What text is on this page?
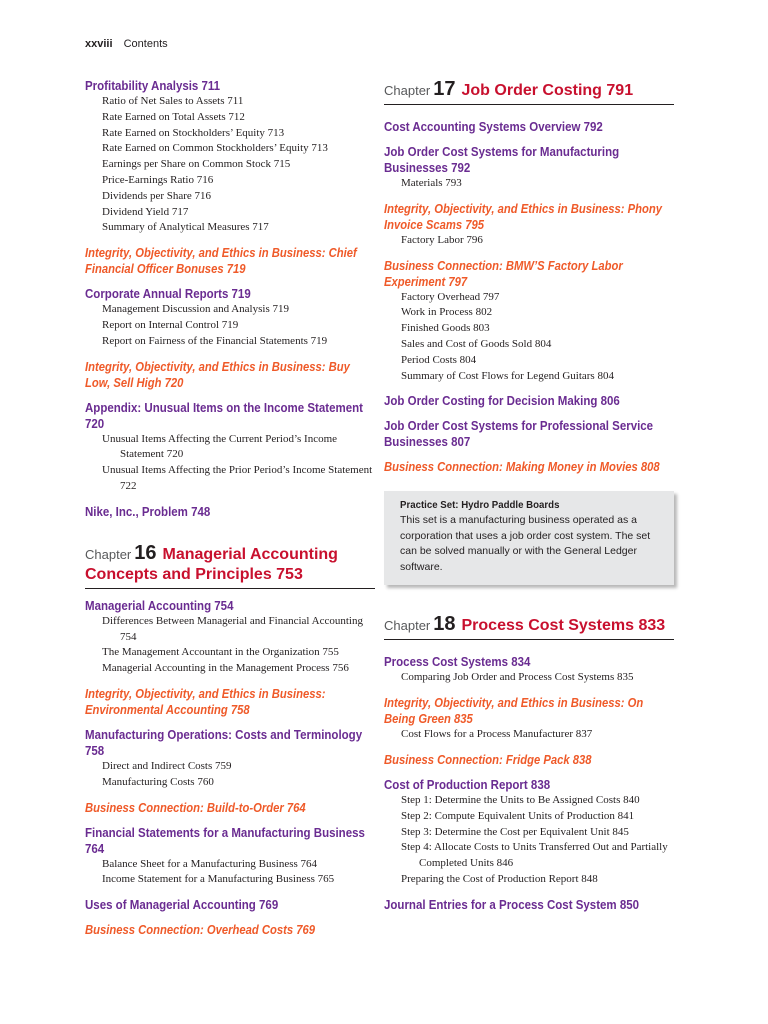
xxviii Contents
Profitability Analysis 711
Ratio of Net Sales to Assets 711
Rate Earned on Total Assets 712
Rate Earned on Stockholders’ Equity 713
Rate Earned on Common Stockholders’ Equity 713
Earnings per Share on Common Stock 715
Price-Earnings Ratio 716
Dividends per Share 716
Dividend Yield 717
Summary of Analytical Measures 717
Integrity, Objectivity, and Ethics in Business: Chief Financial Officer Bonuses 719
Corporate Annual Reports 719
Management Discussion and Analysis 719
Report on Internal Control 719
Report on Fairness of the Financial Statements 719
Integrity, Objectivity, and Ethics in Business: Buy Low, Sell High 720
Appendix: Unusual Items on the Income Statement 720
Unusual Items Affecting the Current Period’s Income Statement 720
Unusual Items Affecting the Prior Period’s Income Statement 722
Nike, Inc., Problem 748
Chapter 16 Managerial Accounting
Concepts and Principles 753
Managerial Accounting 754
Differences Between Managerial and Financial Accounting 754
The Management Accountant in the Organization 755
Managerial Accounting in the Management Process 756
Integrity, Objectivity, and Ethics in Business: Environmental Accounting 758
Manufacturing Operations: Costs and Terminology 758
Direct and Indirect Costs 759
Manufacturing Costs 760
Business Connection: Build-to-Order 764
Financial Statements for a Manufacturing Business 764
Balance Sheet for a Manufacturing Business 764
Income Statement for a Manufacturing Business 765
Uses of Managerial Accounting 769
Business Connection: Overhead Costs 769
Chapter 17 Job Order Costing 791
Cost Accounting Systems Overview 792
Job Order Cost Systems for Manufacturing Businesses 792
Materials 793
Integrity, Objectivity, and Ethics in Business: Phony Invoice Scams 795
Factory Labor 796
Business Connection: BMW’S Factory Labor Experiment 797
Factory Overhead 797
Work in Process 802
Finished Goods 803
Sales and Cost of Goods Sold 804
Period Costs 804
Summary of Cost Flows for Legend Guitars 804
Job Order Costing for Decision Making 806
Job Order Cost Systems for Professional Service Businesses 807
Business Connection: Making Money in Movies 808
Practice Set: Hydro Paddle Boards
This set is a manufacturing business operated as a corporation that uses a job order cost system. The set can be solved manually or with the General Ledger software.
Chapter 18 Process Cost Systems 833
Process Cost Systems 834
Comparing Job Order and Process Cost Systems 835
Integrity, Objectivity, and Ethics in Business: On Being Green 835
Cost Flows for a Process Manufacturer 837
Business Connection: Fridge Pack 838
Cost of Production Report 838
Step 1: Determine the Units to Be Assigned Costs 840
Step 2: Compute Equivalent Units of Production 841
Step 3: Determine the Cost per Equivalent Unit 845
Step 4: Allocate Costs to Units Transferred Out and Partially Completed Units 846
Preparing the Cost of Production Report 848
Journal Entries for a Process Cost System 850
